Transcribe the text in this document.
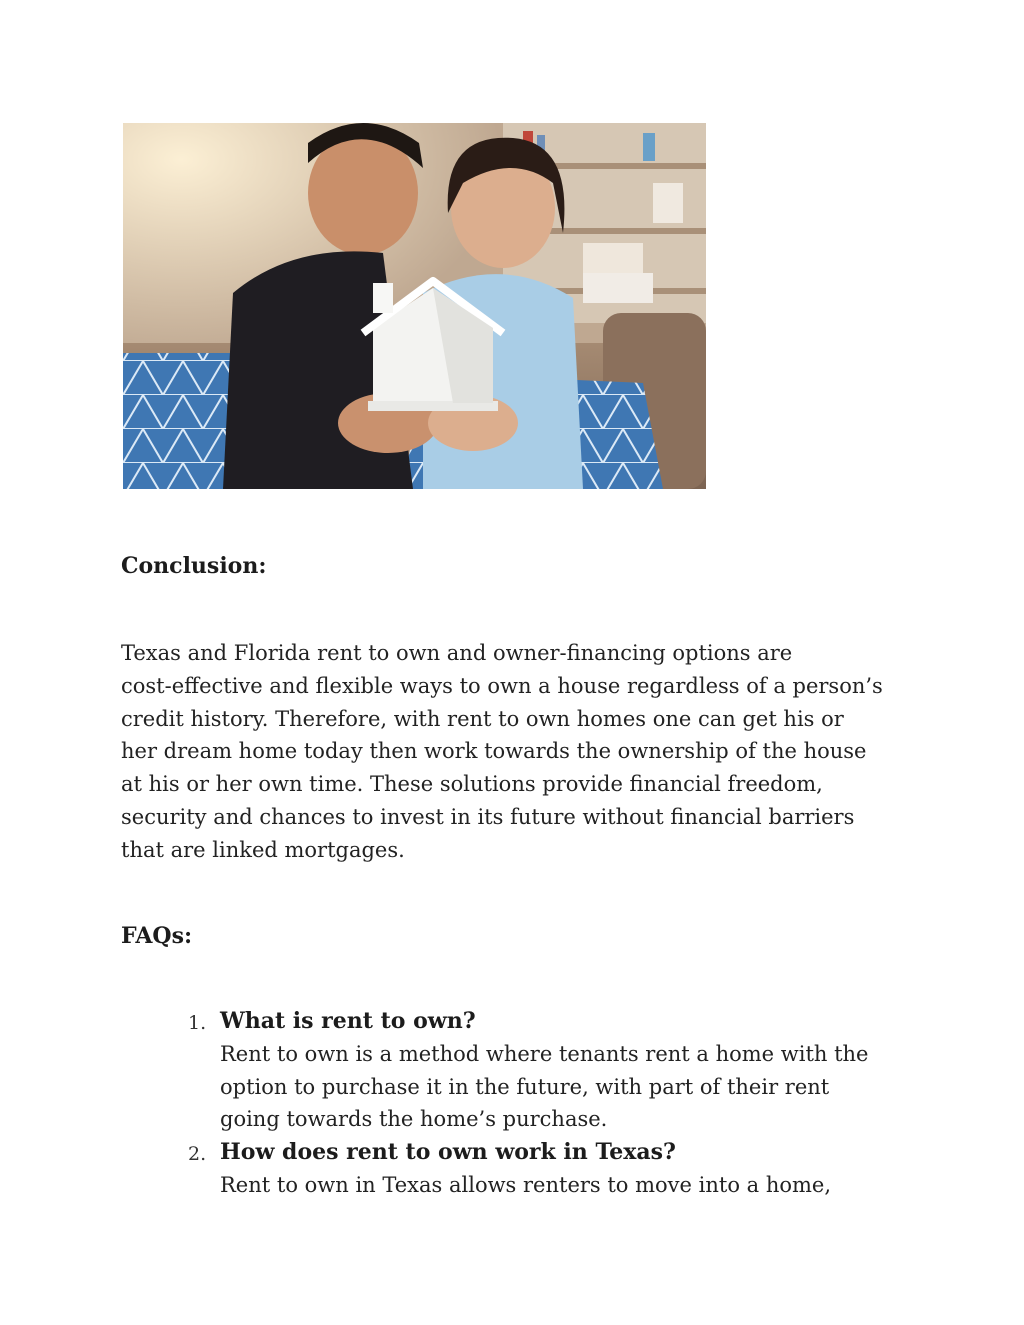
Conclusion:

Texas and Florida rent to own and owner-financing options are
cost-effective and flexible ways to own a house regardless of a person’s
credit history. Therefore, with rent to own homes one can get his or
her dream home today then work towards the ownership of the house
at his or her own time. These solutions provide financial freedom,
security and chances to invest in its future without financial barriers
that are linked mortgages.

FAQs:
1. What is rent to own?
Rent to own is a method where tenants rent a home with the
option to purchase it in the future, with part of their rent
going towards the home’s purchase.
2. How does rent to own work in Texas?
Rent to own in Texas allows renters to move into a home,
